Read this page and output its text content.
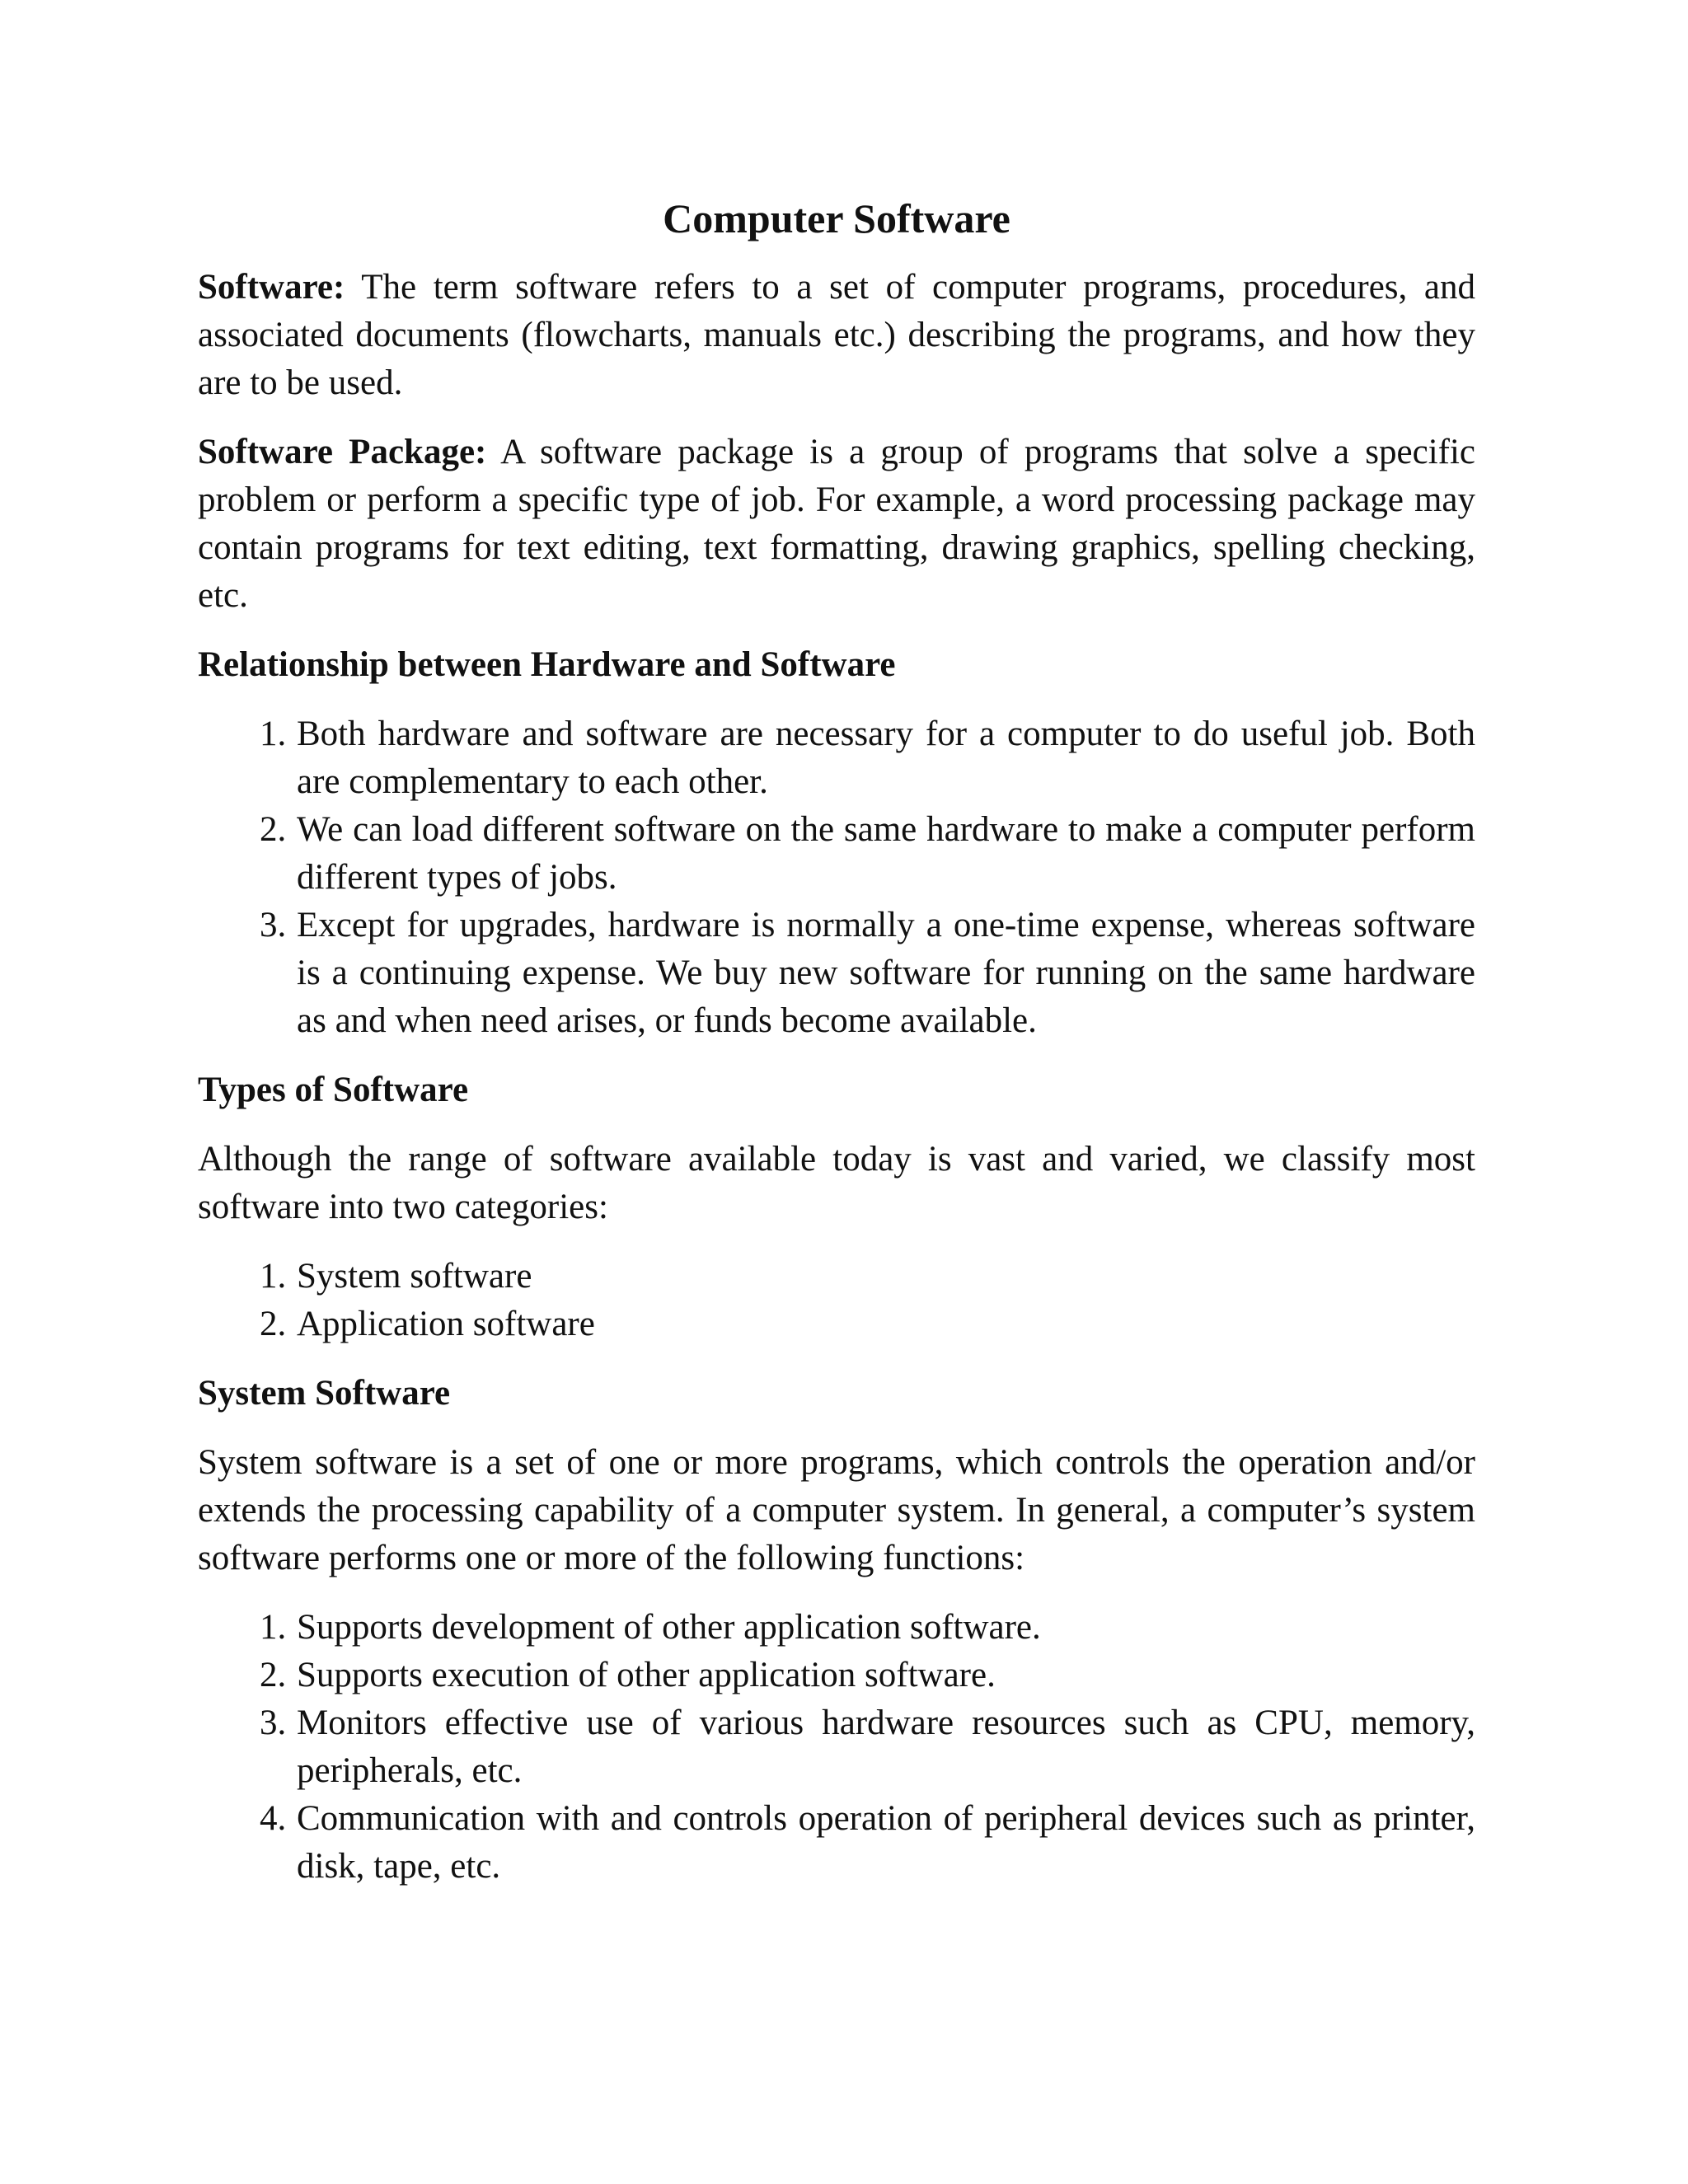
Computer Software

Software: The term software refers to a set of computer programs, procedures, and associated documents (flowcharts, manuals etc.) describing the programs, and how they are to be used.

Software Package: A software package is a group of programs that solve a specific problem or perform a specific type of job. For example, a word processing package may contain programs for text editing, text formatting, drawing graphics, spelling checking, etc.

Relationship between Hardware and Software
1. Both hardware and software are necessary for a computer to do useful job. Both are complementary to each other.
2. We can load different software on the same hardware to make a computer perform different types of jobs.
3. Except for upgrades, hardware is normally a one-time expense, whereas software is a continuing expense. We buy new software for running on the same hardware as and when need arises, or funds become available.
Types of Software

Although the range of software available today is vast and varied, we classify most software into two categories:

1. System software
2. Application software
System Software

System software is a set of one or more programs, which controls the operation and/or extends the processing capability of a computer system. In general, a computer’s system software performs one or more of the following functions:

1. Supports development of other application software.
2. Supports execution of other application software.
3. Monitors effective use of various hardware resources such as CPU, memory, peripherals, etc.
4. Communication with and controls operation of peripheral devices such as printer, disk, tape, etc.
